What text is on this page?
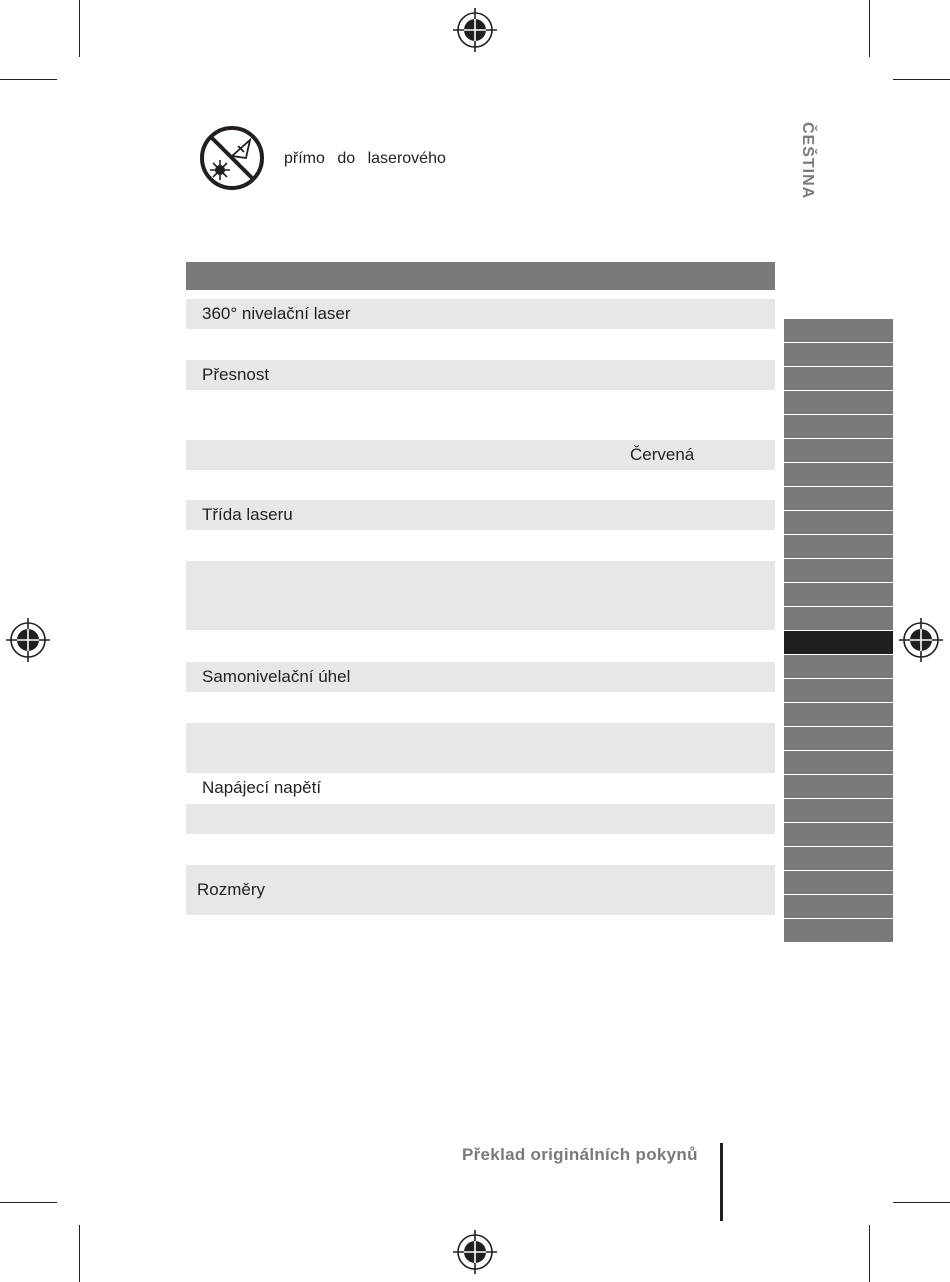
přímo do laserového	ČEŠTINA
360° nivelační laser
Přesnost
Červená
Třída laseru
Samonivelační úhel
Napájecí napětí
Rozměry
Překlad originálních pokynů
